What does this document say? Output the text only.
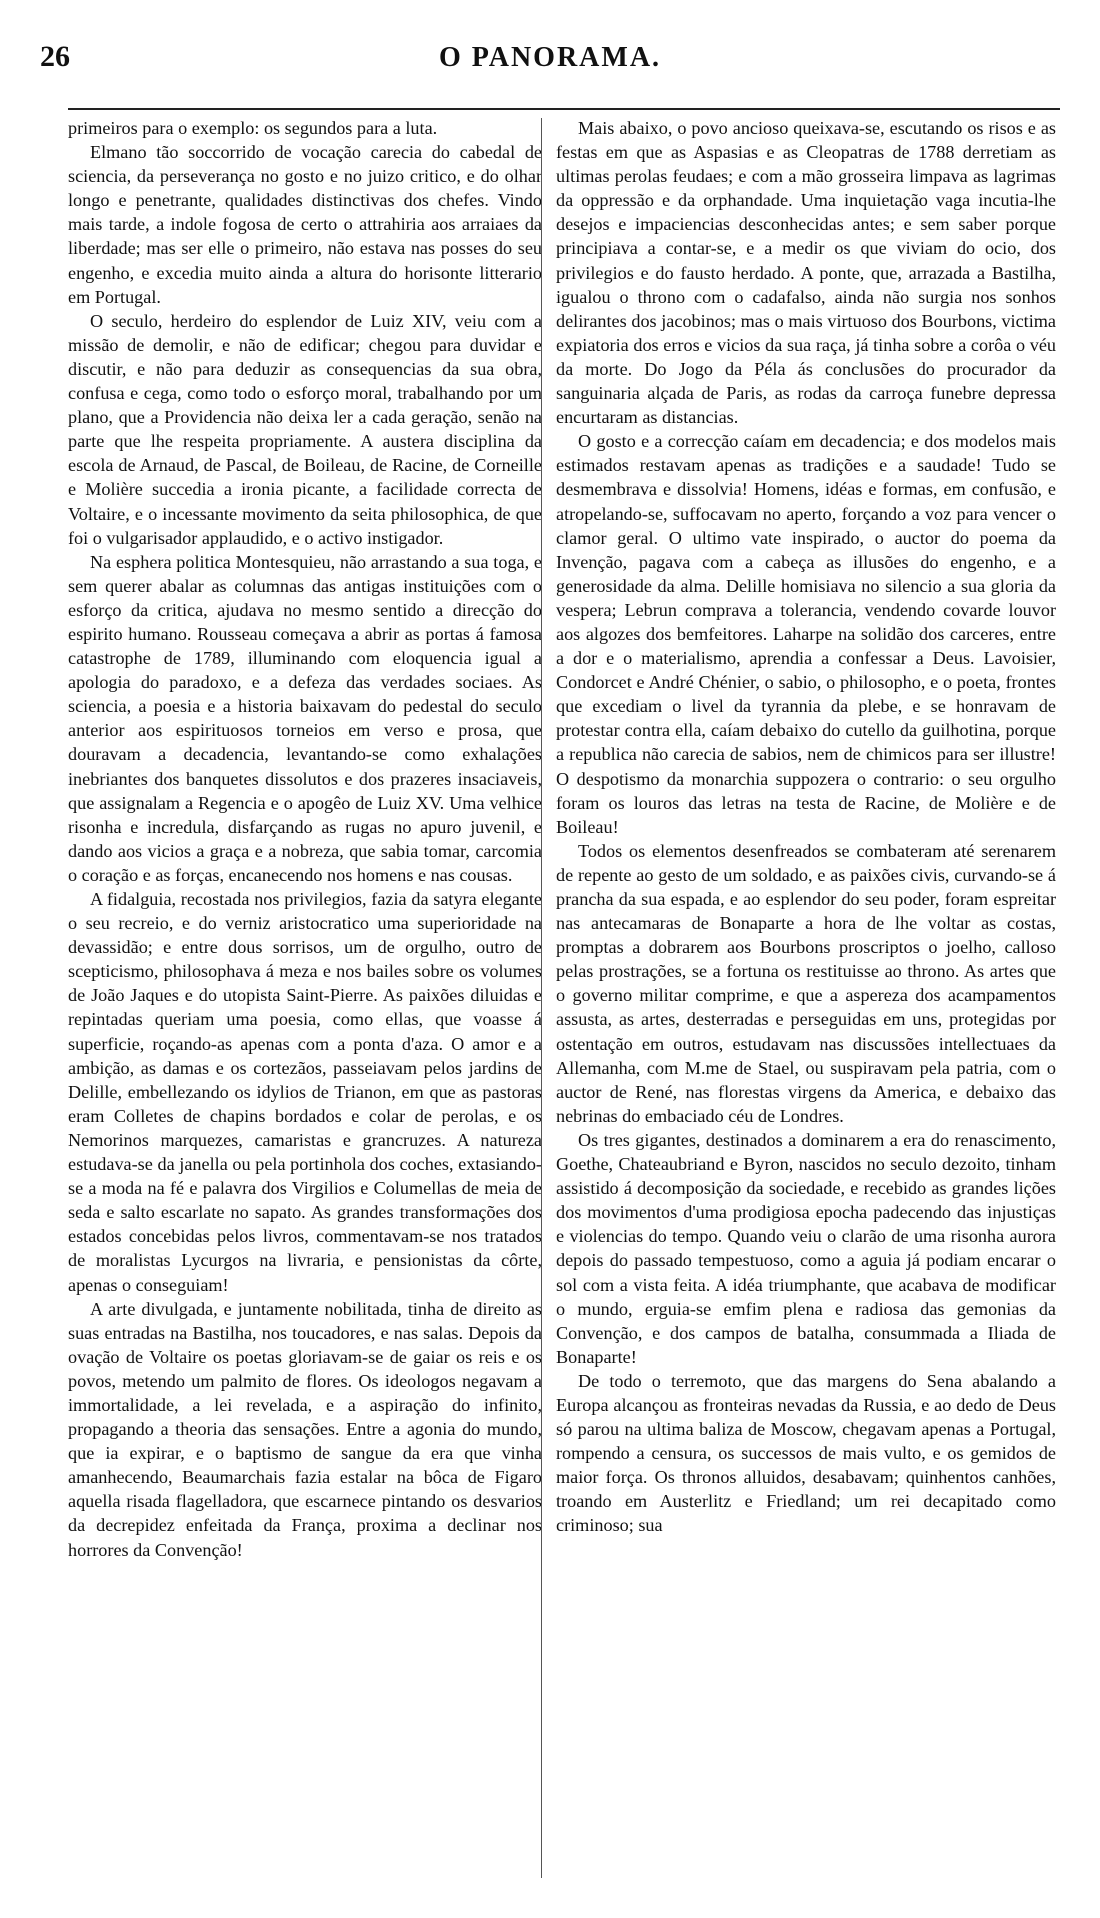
26	O PANORAMA.

primeiros para o exemplo: os segundos para a luta.

Elmano tão soccorrido de vocação carecia do cabedal de sciencia, da perseverança no gosto e no juizo critico, e do olhar longo e penetrante, qualidades distinctivas dos chefes. Vindo mais tarde, a indole fogosa de certo o attrahiria aos arraiaes da liberdade; mas ser elle o primeiro, não estava nas posses do seu engenho, e excedia muito ainda a altura do horisonte litterario em Portugal.

O seculo, herdeiro do esplendor de Luiz XIV, veiu com a missão de demolir, e não de edificar; chegou para duvidar e discutir, e não para deduzir as consequencias da sua obra, confusa e cega, como todo o esforço moral, trabalhando por um plano, que a Providencia não deixa ler a cada geração, senão na parte que lhe respeita propriamente. A austera disciplina da escola de Arnaud, de Pascal, de Boileau, de Racine, de Corneille e Molière succedia a ironia picante, a facilidade correcta de Voltaire, e o incessante movimento da seita philosophica, de que foi o vulgarisador applaudido, e o activo instigador.

Na esphera politica Montesquieu, não arrastando a sua toga, e sem querer abalar as columnas das antigas instituições com o esforço da critica, ajudava no mesmo sentido a direcção do espirito humano. Rousseau começava a abrir as portas á famosa catastrophe de 1789, illuminando com eloquencia igual a apologia do paradoxo, e a defeza das verdades sociaes. As sciencia, a poesia e a historia baixavam do pedestal do seculo anterior aos espirituosos torneios em verso e prosa, que douravam a decadencia, levantando-se como exhalações inebriantes dos banquetes dissolutos e dos prazeres insaciaveis, que assignalam a Regencia e o apogêo de Luiz XV. Uma velhice risonha e incredula, disfarçando as rugas no apuro juvenil, e dando aos vicios a graça e a nobreza, que sabia tomar, carcomia o coração e as forças, encanecendo nos homens e nas cousas.

A fidalguia, recostada nos privilegios, fazia da satyra elegante o seu recreio, e do verniz aristocratico uma superioridade na devassidão; e entre dous sorrisos, um de orgulho, outro de scepticismo, philosophava á meza e nos bailes sobre os volumes de João Jaques e do utopista Saint-Pierre. As paixões diluidas e repintadas queriam uma poesia, como ellas, que voasse á superficie, roçando-as apenas com a ponta d'aza. O amor e a ambição, as damas e os cortezãos, passeiavam pelos jardins de Delille, embellezando os idylios de Trianon, em que as pastoras eram Colletes de chapins bordados e colar de perolas, e os Nemorinos marquezes, camaristas e grancruzes. A natureza estudava-se da janella ou pela portinhola dos coches, extasiando-se a moda na fé e palavra dos Virgilios e Columellas de meia de seda e salto escarlate no sapato. As grandes transformações dos estados concebidas pelos livros, commentavam-se nos tratados de moralistas Lycurgos na livraria, e pensionistas da côrte, apenas o conseguiam!

A arte divulgada, e juntamente nobilitada, tinha de direito as suas entradas na Bastilha, nos toucadores, e nas salas. Depois da ovação de Voltaire os poetas gloriavam-se de gaiar os reis e os povos, metendo um palmito de flores. Os ideologos negavam a immortalidade, a lei revelada, e a aspiração do infinito, propagando a theoria das sensações. Entre a agonia do mundo, que ia expirar, e o baptismo de sangue da era que vinha amanhecendo, Beaumarchais fazia estalar na bôca de Figaro aquella risada flagelladora, que escarnece pintando os desvarios da decrepidez enfeitada da França, proxima a declinar nos horrores da Convenção!

Mais abaixo, o povo ancioso queixava-se, escutando os risos e as festas em que as Aspasias e as Cleopatras de 1788 derretiam as ultimas perolas feudaes; e com a mão grosseira limpava as lagrimas da oppressão e da orphandade. Uma inquietação vaga incutia-lhe desejos e impaciencias desconhecidas antes; e sem saber porque principiava a contar-se, e a medir os que viviam do ocio, dos privilegios e do fausto herdado. A ponte, que, arrazada a Bastilha, igualou o throno com o cadafalso, ainda não surgia nos sonhos delirantes dos jacobinos; mas o mais virtuoso dos Bourbons, victima expiatoria dos erros e vicios da sua raça, já tinha sobre a corôa o véu da morte. Do Jogo da Péla ás conclusões do procurador da sanguinaria alçada de Paris, as rodas da carroça funebre depressa encurtaram as distancias.

O gosto e a correcção caíam em decadencia; e dos modelos mais estimados restavam apenas as tradições e a saudade! Tudo se desmembrava e dissolvia! Homens, idéas e formas, em confusão, e atropelando-se, suffocavam no aperto, forçando a voz para vencer o clamor geral. O ultimo vate inspirado, o auctor do poema da Invenção, pagava com a cabeça as illusões do engenho, e a generosidade da alma. Delille homisiava no silencio a sua gloria da vespera; Lebrun comprava a tolerancia, vendendo covarde louvor aos algozes dos bemfeitores. Laharpe na solidão dos carceres, entre a dor e o materialismo, aprendia a confessar a Deus. Lavoisier, Condorcet e André Chénier, o sabio, o philosopho, e o poeta, frontes que excediam o livel da tyrannia da plebe, e se honravam de protestar contra ella, caíam debaixo do cutello da guilhotina, porque a republica não carecia de sabios, nem de chimicos para ser illustre! O despotismo da monarchia suppozera o contrario: o seu orgulho foram os louros das letras na testa de Racine, de Molière e de Boileau!

Todos os elementos desenfreados se combateram até serenarem de repente ao gesto de um soldado, e as paixões civis, curvando-se á prancha da sua espada, e ao esplendor do seu poder, foram espreitar nas antecamaras de Bonaparte a hora de lhe voltar as costas, promptas a dobrarem aos Bourbons proscriptos o joelho, calloso pelas prostrações, se a fortuna os restituisse ao throno. As artes que o governo militar comprime, e que a aspereza dos acampamentos assusta, as artes, desterradas e perseguidas em uns, protegidas por ostentação em outros, estudavam nas discussões intellectuaes da Allemanha, com M.me de Stael, ou suspiravam pela patria, com o auctor de René, nas florestas virgens da America, e debaixo das nebrinas do embaciado céu de Londres.

Os tres gigantes, destinados a dominarem a era do renascimento, Goethe, Chateaubriand e Byron, nascidos no seculo dezoito, tinham assistido á decomposição da sociedade, e recebido as grandes lições dos movimentos d'uma prodigiosa epocha padecendo das injustiças e violencias do tempo. Quando veiu o clarão de uma risonha aurora depois do passado tempestuoso, como a aguia já podiam encarar o sol com a vista feita. A idéa triumphante, que acabava de modificar o mundo, erguia-se emfim plena e radiosa das gemonias da Convenção, e dos campos de batalha, consummada a Iliada de Bonaparte!

De todo o terremoto, que das margens do Sena abalando a Europa alcançou as fronteiras nevadas da Russia, e ao dedo de Deus só parou na ultima baliza de Moscow, chegavam apenas a Portugal, rompendo a censura, os successos de mais vulto, e os gemidos de maior força. Os thronos alluidos, desabavam; quinhentos canhões, troando em Austerlitz e Friedland; um rei decapitado como criminoso; sua
